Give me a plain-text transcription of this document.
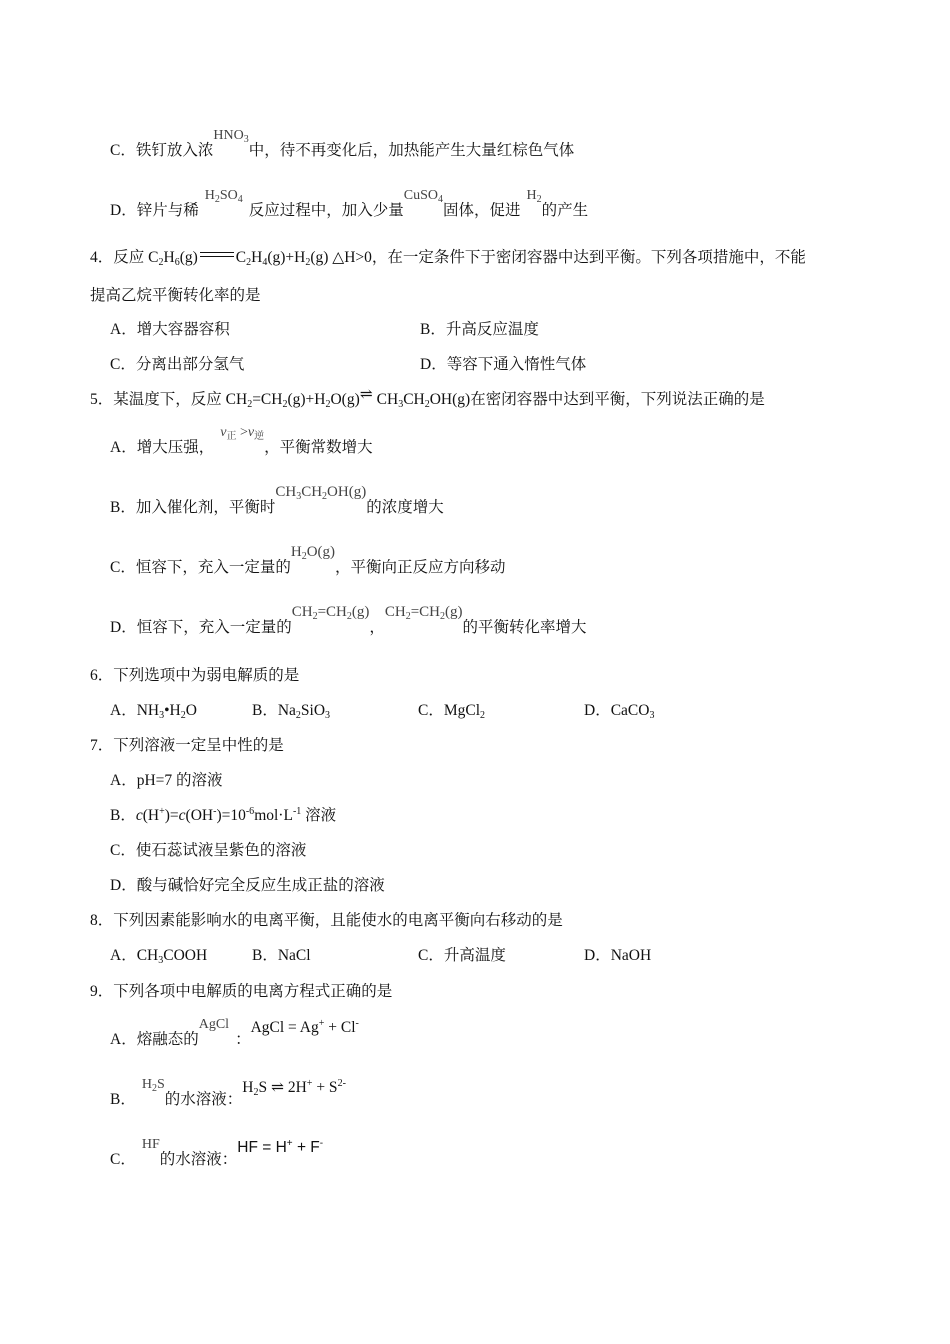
C．铁钉放入浓$HNO_3$中，待不再变化后，加热能产生大量红棕色气体
D．锌片与稀$H_2SO_4$反应过程中，加入少量CuSO$_4$固体，促进$H_2$的产生
4．反应 $C_2H_6(g)$ $C_2H_4(g)+H_2(g)$ △H>0，在一定条件下于密闭容器中达到平衡。下列各项措施中，不能
提高乙烷平衡转化率的是
A．增大容器容积	B．升高反应温度
C．分离出部分氢气	D．等容下通入惰性气体
5．某温度下，反应 $CH_2=CH_2(g)+H_2O(g)\rightleftharpoons$ $CH_3CH_2OH(g)$在密闭容器中达到平衡，下列说法正确的是
A．增大压强，$v_正 >v_逆$，平衡常数增大
B．加入催化剂，平衡时$CH_3CH_2OH(g)$的浓度增大
C．恒容下，充入一定量的$H_2O(g)$，平衡向正反应方向移动
D．恒容下，充入一定量的$CH_2=CH_2(g)$，$CH_2=CH_2(g)$的平衡转化率增大
6．下列选项中为弱电解质的是
A．$NH_3•H_2O$	B．$Na_2SiO_3$	C．MgCl$_2$	D．CaCO$_3$
7．下列溶液一定呈中性的是
A．pH=7 的溶液
B．$c(H^+)=c(OH^-)=10^{-6}mol\cdot L^{-1}$ 溶液
C．使石蕊试液呈紫色的溶液
D．酸与碱恰好完全反应生成正盐的溶液
8．下列因素能影响水的电离平衡，且能使水的电离平衡向右移动的是
A．$CH_3COOH$	B．NaCl	C．升高温度	D．NaOH
9．下列各项中电解质的电离方程式正确的是
A．熔融态的AgCl：AgCl = Ag+ + Cl-
B．$H_2S$的水溶液：$H_2S$ ⇌ $2H^+ + S^{2-}$
C．HF的水溶液：HF = H+ + F-
